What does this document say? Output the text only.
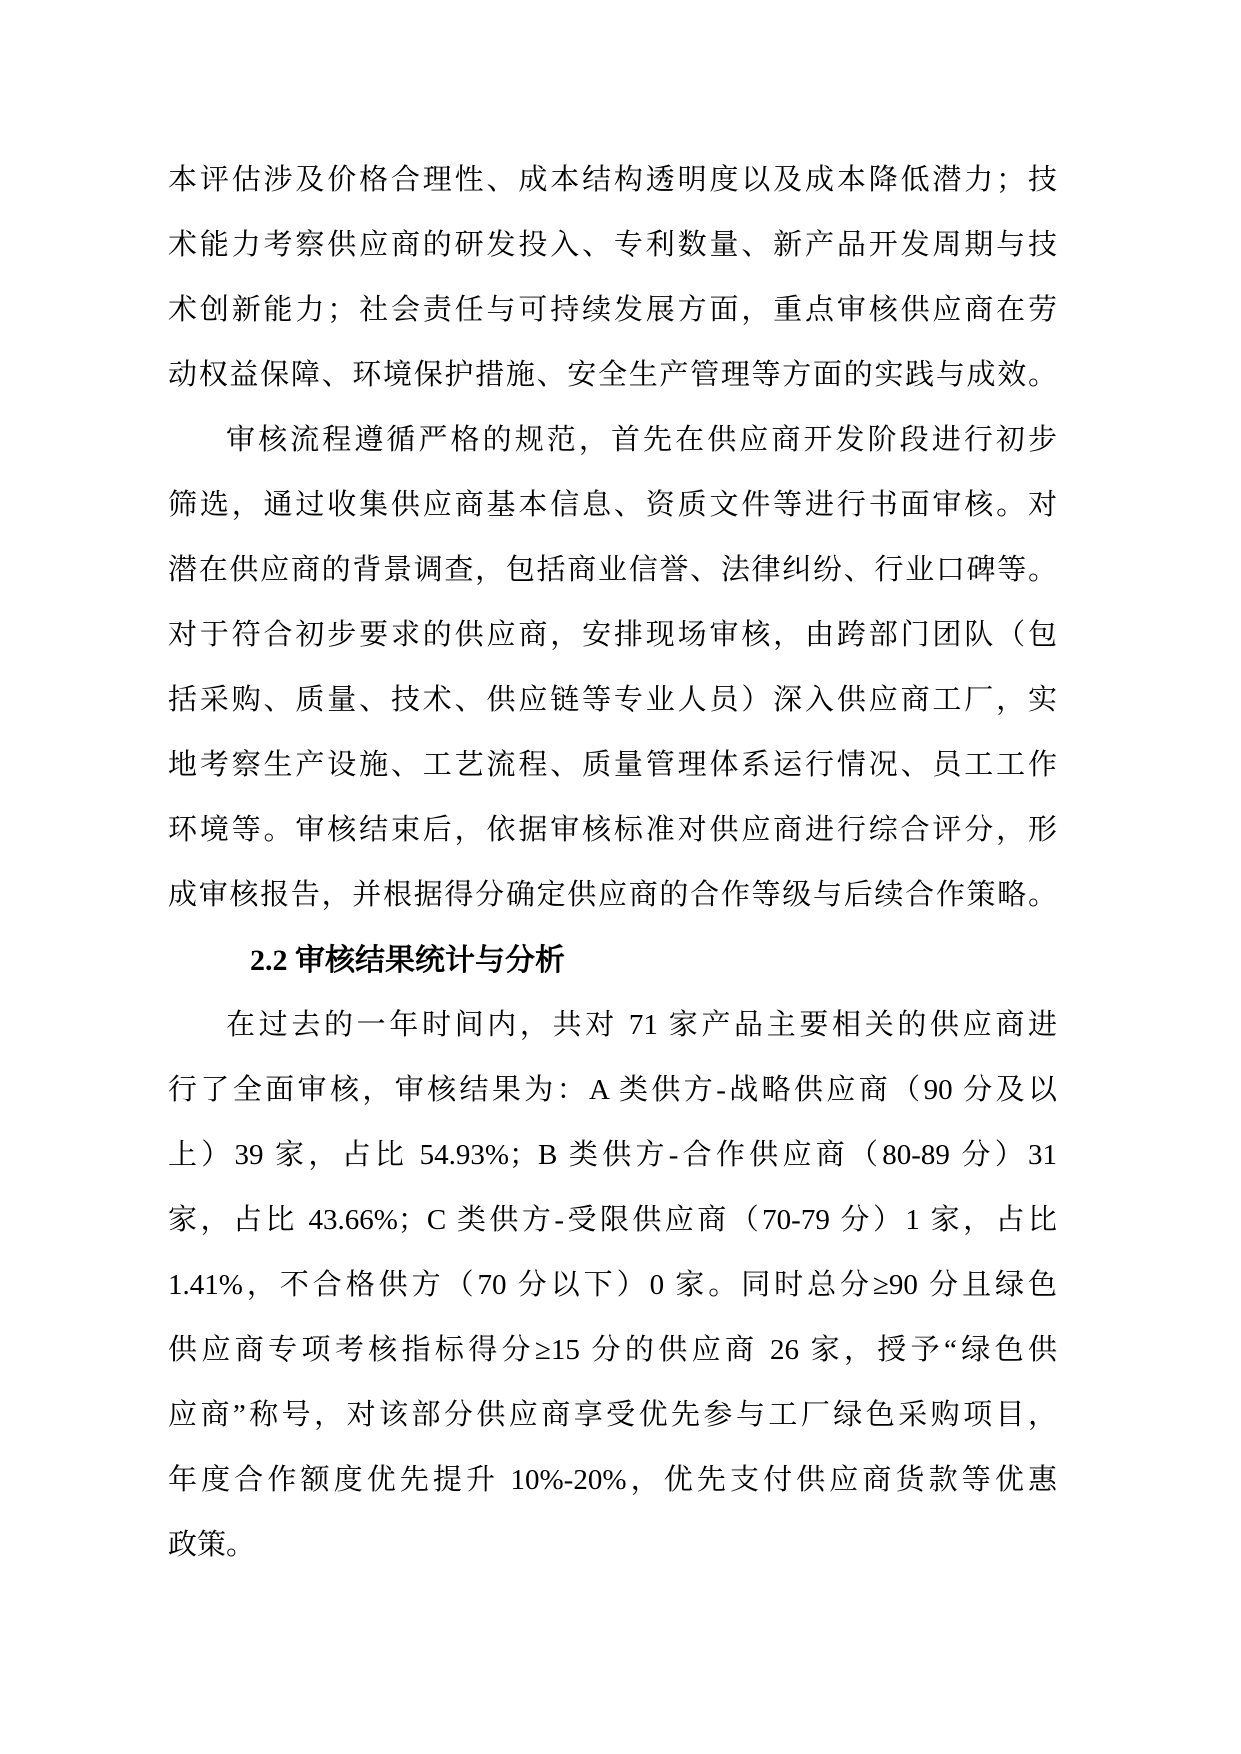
本评估涉及价格合理性、成本结构透明度以及成本降低潜力；技
术能力考察供应商的研发投入、专利数量、新产品开发周期与技
术创新能力；社会责任与可持续发展方面，重点审核供应商在劳
动权益保障、环境保护措施、安全生产管理等方面的实践与成效。
审核流程遵循严格的规范，首先在供应商开发阶段进行初步
筛选，通过收集供应商基本信息、资质文件等进行书面审核。对
潜在供应商的背景调查，包括商业信誉、法律纠纷、行业口碑等。
对于符合初步要求的供应商，安排现场审核，由跨部门团队（包
括采购、质量、技术、供应链等专业人员）深入供应商工厂，实
地考察生产设施、工艺流程、质量管理体系运行情况、员工工作
环境等。审核结束后，依据审核标准对供应商进行综合评分，形
成审核报告，并根据得分确定供应商的合作等级与后续合作策略。
2.2 审核结果统计与分析
在过去的一年时间内，共对 71 家产品主要相关的供应商进
行了全面审核，审核结果为：A 类供方-战略供应商（90 分及以
上）39 家，占比 54.93%；B 类供方-合作供应商（80-89 分）31
家，占比 43.66%；C 类供方-受限供应商（70-79 分）1 家，占比
1.41%，不合格供方（70 分以下）0 家。同时总分≥90 分且绿色
供应商专项考核指标得分≥15 分的供应商 26 家，授予“绿色供
应商”称号，对该部分供应商享受优先参与工厂绿色采购项目，
年度合作额度优先提升 10%-20%，优先支付供应商货款等优惠
政策。
